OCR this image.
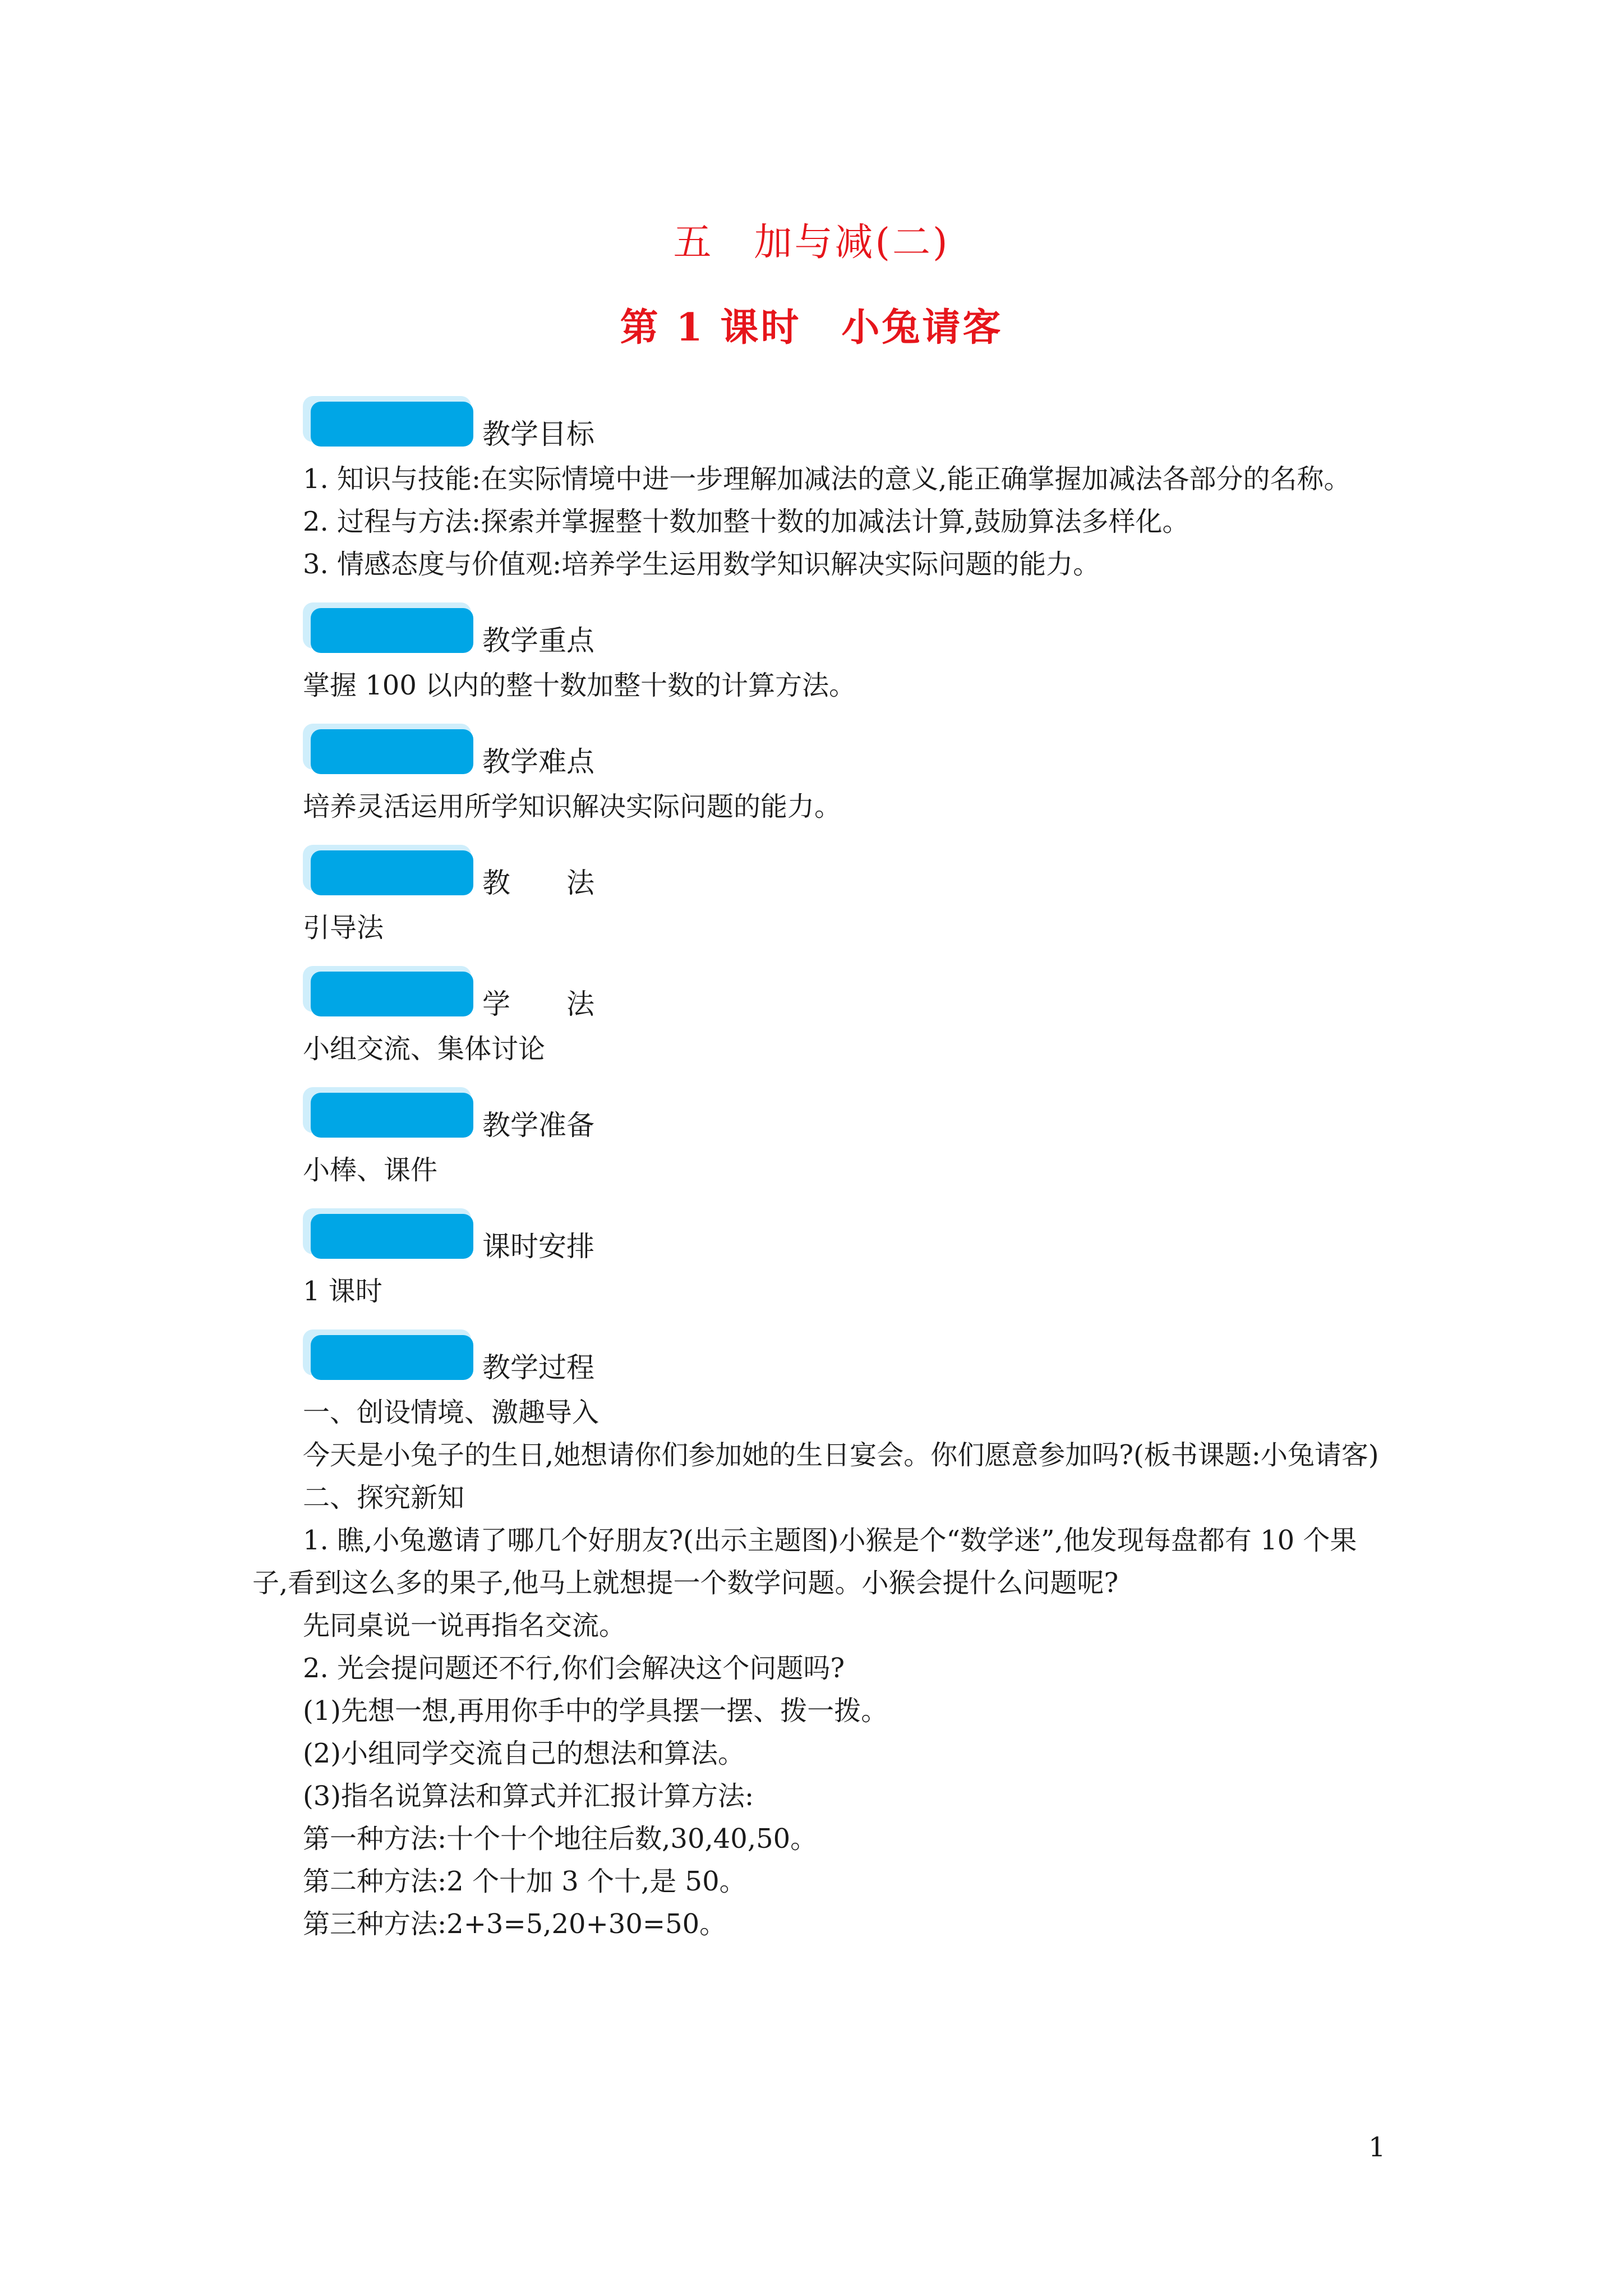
五　加与减(二)
第 1 课时　小兔请客
教学目标

1. 知识与技能:在实际情境中进一步理解加减法的意义,能正确掌握加减法各部分的名称。

2. 过程与方法:探索并掌握整十数加整十数的加减法计算,鼓励算法多样化。

3. 情感态度与价值观:培养学生运用数学知识解决实际问题的能力。

教学重点

掌握 100 以内的整十数加整十数的计算方法。

教学难点

培养灵活运用所学知识解决实际问题的能力。

教　　法

引导法

学　　法

小组交流、集体讨论

教学准备

小棒、课件

课时安排

1 课时

教学过程

一、创设情境、激趣导入

今天是小兔子的生日,她想请你们参加她的生日宴会。你们愿意参加吗?(板书课题:小兔请客)

二、探究新知

1. 瞧,小兔邀请了哪几个好朋友?(出示主题图)小猴是个“数学迷”,他发现每盘都有 10 个果子,看到这么多的果子,他马上就想提一个数学问题。小猴会提什么问题呢?

先同桌说一说再指名交流。

2. 光会提问题还不行,你们会解决这个问题吗?

(1)先想一想,再用你手中的学具摆一摆、拨一拨。

(2)小组同学交流自己的想法和算法。

(3)指名说算法和算式并汇报计算方法:

第一种方法:十个十个地往后数,30,40,50。

第二种方法:2 个十加 3 个十,是 50。

第三种方法:2+3=5,20+30=50。

1
